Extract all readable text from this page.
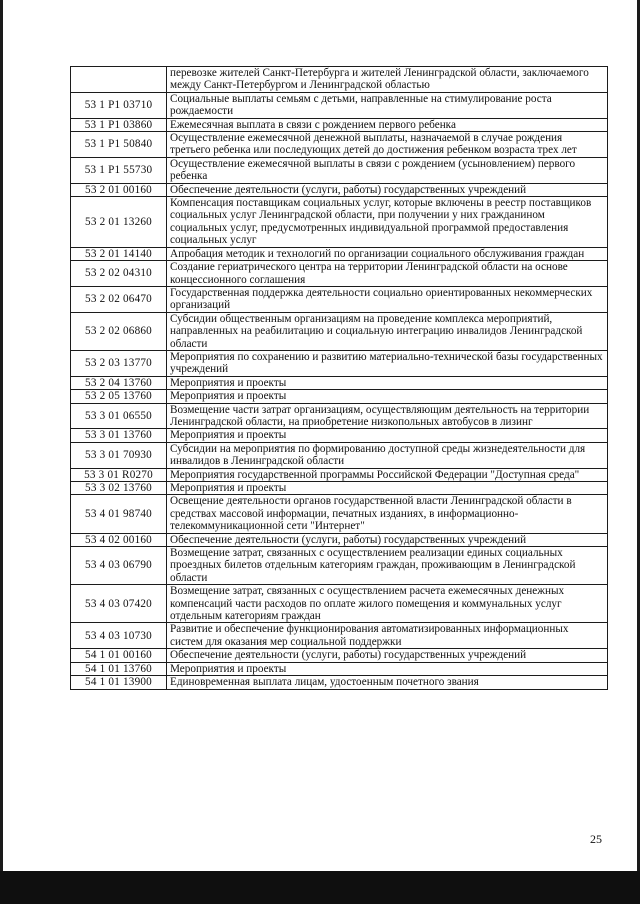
	перевозке жителей Санкт-Петербурга и жителей Ленинградской области, заключаемого между Санкт-Петербургом и Ленинградской областью
53 1 P1 03710	Социальные выплаты семьям с детьми, направленные на стимулирование роста рождаемости
53 1 P1 03860	Ежемесячная выплата в связи с рождением первого ребенка
53 1 P1 50840	Осуществление ежемесячной денежной выплаты, назначаемой в случае рождения третьего ребенка или последующих детей до достижения ребенком возраста трех лет
53 1 P1 55730	Осуществление ежемесячной выплаты в связи с рождением (усыновлением) первого ребенка
53 2 01 00160	Обеспечение деятельности (услуги, работы) государственных учреждений
53 2 01 13260	Компенсация поставщикам социальных услуг, которые включены в реестр поставщиков социальных услуг Ленинградской области, при получении у них гражданином социальных услуг, предусмотренных индивидуальной программой предоставления социальных услуг
53 2 01 14140	Апробация методик и технологий по организации социального обслуживания граждан
53 2 02 04310	Создание гериатрического центра на территории Ленинградской области на основе концессионного соглашения
53 2 02 06470	Государственная поддержка деятельности социально ориентированных некоммерческих организаций
53 2 02 06860	Субсидии общественным организациям на проведение комплекса мероприятий, направленных на реабилитацию и социальную интеграцию инвалидов Ленинградской области
53 2 03 13770	Мероприятия по сохранению и развитию материально-технической базы государственных учреждений
53 2 04 13760	Мероприятия и проекты
53 2 05 13760	Мероприятия и проекты
53 3 01 06550	Возмещение части затрат организациям, осуществляющим деятельность на территории Ленинградской области, на приобретение низкопольных автобусов в лизинг
53 3 01 13760	Мероприятия и проекты
53 3 01 70930	Субсидии на мероприятия по формированию доступной среды жизнедеятельности для инвалидов в Ленинградской области
53 3 01 R0270	Мероприятия государственной программы Российской Федерации "Доступная среда"
53 3 02 13760	Мероприятия и проекты
53 4 01 98740	Освещение деятельности органов государственной власти Ленинградской области в средствах массовой информации, печатных изданиях, в информационно-телекоммуникационной сети "Интернет"
53 4 02 00160	Обеспечение деятельности (услуги, работы) государственных учреждений
53 4 03 06790	Возмещение затрат, связанных с осуществлением реализации единых социальных проездных билетов отдельным категориям граждан, проживающим в Ленинградской области
53 4 03 07420	Возмещение затрат, связанных с осуществлением расчета ежемесячных денежных компенсаций части расходов по оплате жилого помещения и коммунальных услуг отдельным категориям граждан
53 4 03 10730	Развитие и обеспечение функционирования автоматизированных информационных систем для оказания мер социальной поддержки
54 1 01 00160	Обеспечение деятельности (услуги, работы) государственных учреждений
54 1 01 13760	Мероприятия и проекты
54 1 01 13900	Единовременная выплата лицам, удостоенным почетного звания
25
